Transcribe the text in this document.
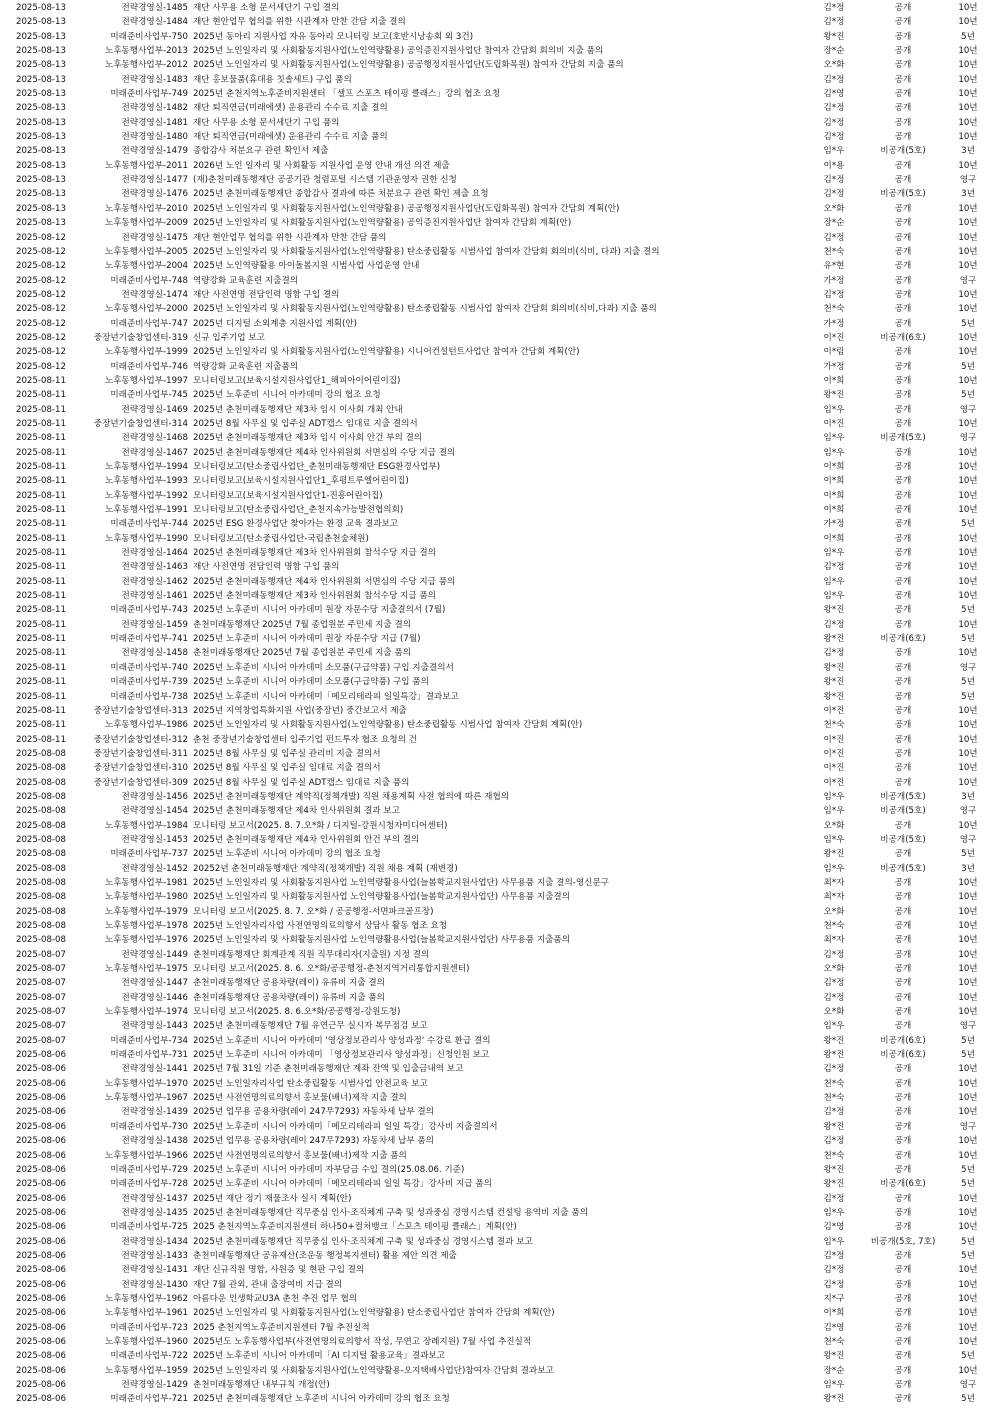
2025-08-13	전략경영실-1485 재단 사무용 소형 문서세단기 구입 결의	김*정	공개	10년
2025-08-13	전략경영실-1484 재단 현안업무 협의를 위한 시관계자 만찬 간담 지출 결의	김*정	공개	10년
2025-08-13	미래준비사업부-750 2025년 동아리 지원사업 자유 동아리 모니터링 보고(호반시낭송회 외 3건)	왕*진	공개	5년
2025-08-13	노후동행사업부-2013 2025년 노인일자리 및 사회활동지원사업(노인역량활용) 공익증진지원사업단 참여자 간담회 회의비 지출 품의	장*순	공개	10년
2025-08-13	노후동행사업부-2012 2025년 노인일자리 및 사회활동지원사업(노인역량활용) 공공행정지원사업단(도립화목원) 참여자 간담회 지출 품의	오*화	공개	10년
2025-08-13	전략경영실-1483 재단 홍보물품(휴대용 칫솔세트) 구입 품의	김*정	공개	10년
2025-08-13	미래준비사업부-749 2025년 춘천지역노후준비지원센터 「셀프 스포츠 테이핑 클래스」강의 협조 요청	김*영	공개	10년
2025-08-13	전략경영실-1482 재단 퇴직연금(미래에셋) 운용관리 수수료 지출 결의	김*정	공개	10년
2025-08-13	전략경영실-1481 재단 사무용 소형 문서세단기 구입 품의	김*정	공개	10년
2025-08-13	전략경영실-1480 재단 퇴직연금(미래에셋) 운용관리 수수료 지출 품의	김*정	공개	10년
2025-08-13	전략경영실-1479 종합감사 처분요구 관련 확인서 제출	임*우	비공개(5호)	3년
2025-08-13	노후동행사업부-2011 2026년 노인 일자리 및 사회활동 지원사업 운영 안내 개선 의견 제출	이*용	공개	10년
2025-08-13	전략경영실-1477 (재)춘천미래동행재단 공공기관 청렴포털 시스템 기관운영자 권한 신청	김*정	공개	영구
2025-08-13	전략경영실-1476 2025년 춘천미래동행재단 종합감사 결과에 따른 처분요구 관련 확인 제출 요청	김*정	비공개(5호)	3년
2025-08-13	노후동행사업부-2010 2025년 노인일자리 및 사회활동지원사업(노인역량활용) 공공행정지원사업단(도립화목원) 참여자 간담회 계획(안)	오*화	공개	10년
2025-08-13	노후동행사업부-2009 2025년 노인일자리 및 사회활동지원사업(노인역량활용) 공익증진지원사업단 참여자 간담회 계획(안)	장*순	공개	10년
2025-08-12	전략경영실-1475 재단 현안업무 협의를 위한 시관계자 만찬 간담 품의	김*정	공개	10년
2025-08-12	노후동행사업부-2005 2025년 노인일자리 및 사회활동지원사업(노인역량활용) 탄소중립활동 시범사업 참여자 간담회 회의비(식비, 다과) 지출 결의	천*숙	공개	10년
2025-08-12	노후동행사업부-2004 2025년 노인역량활용 아이돌봄지원 시범사업 사업운영 안내	유*현	공개	10년
2025-08-12	미래준비사업부-748 역량강화 교육훈련 지출결의	가*정	공개	영구
2025-08-12	전략경영실-1474 재단 사전연명 전담인력 명함 구입 결의	김*정	공개	10년
2025-08-12	노후동행사업부-2000 2025년 노인일자리 및 사회활동지원사업(노인역량활용) 탄소중립활동 시범사업 참여자 간담회 회의비(식비,다과) 지출 품의	천*숙	공개	10년
2025-08-12	미래준비사업부-747 2025년 디지털 소외계층 지원사업 계획(안)	가*정	공개	5년
2025-08-12	중장년기술창업센터-319 신규 입주기업 보고	이*진	비공개(6호)	10년
2025-08-12	노후동행사업부-1999 2025년 노인일자리 및 사회활동지원사업(노인역량활용) 시니어컨설턴트사업단 참여자 간담회 계획(안)	이*림	공개	10년
2025-08-12	미래준비사업부-746 역량강화 교육훈련 지출품의	가*정	공개	5년
2025-08-11	노후동행사업부-1997 모니터링보고(보육시설지원사업단1_해피아이어린이집)	이*희	공개	10년
2025-08-11	미래준비사업부-745 2025년 노후준비 시니어 아카데미 강의 협조 요청	왕*진	공개	5년
2025-08-11	전략경영실-1469 2025년 춘천미래동행재단 제3차 임시 이사회 개최 안내	임*우	공개	영구
2025-08-11	중장년기술창업센터-314 2025년 8월 사무실 및 입주실 ADT캡스 임대료 지출 결의서	이*진	공개	10년
2025-08-11	전략경영실-1468 2025년 춘천미래동행재단 제3차 임시 이사회 안건 부의 결의	임*우	비공개(5호)	영구
2025-08-11	전략경영실-1467 2025년 춘천미래동행재단 제4차 인사위원회 서면심의 수당 지급 결의	임*우	공개	10년
2025-08-11	노후동행사업부-1994 모니터링보고(탄소중립사업단_춘천미래동행재단 ESG환경사업부)	이*희	공개	10년
2025-08-11	노후동행사업부-1993 모니터링보고(보육시설지원사업단1_후평트루엘어린이집)	이*희	공개	10년
2025-08-11	노후동행사업부-1992 모니터링보고(보육시설지원사업단1-진흥어린이집)	이*희	공개	10년
2025-08-11	노후동행사업부-1991 모니터링보고(탄소중립사업단_춘천지속가능발전협의회)	이*희	공개	10년
2025-08-11	미래준비사업부-744 2025년 ESG 환경사업단 찾아가는 환경 교육 결과보고	가*정	공개	5년
2025-08-11	노후동행사업부-1990 모니터링보고(탄소중립사업단-국립춘천숲체원)	이*희	공개	10년
2025-08-11	전략경영실-1464 2025년 춘천미래동행재단 제3차 인사위원회 참석수당 지급 결의	임*우	공개	10년
2025-08-11	전략경영실-1463 재단 사전연명 전담인력 명함 구입 품의	김*정	공개	10년
2025-08-11	전략경영실-1462 2025년 춘천미래동행재단 제4차 인사위원회 서면심의 수당 지급 품의	임*우	공개	10년
2025-08-11	전략경영실-1461 2025년 춘천미래동행재단 제3차 인사위원회 참석수당 지급 품의	임*우	공개	10년
2025-08-11	미래준비사업부-743 2025년 노후준비 시니어 아카데미 원장 자문수당 지출결의서 (7월)	왕*진	공개	5년
2025-08-11	전략경영실-1459 춘천미래동행재단 2025년 7월 종업원분 주민세 지출 결의	김*정	공개	10년
2025-08-11	미래준비사업부-741 2025년 노후준비 시니어 아카데미 원장 자문수당 지급 (7월)	왕*진	비공개(6호)	5년
2025-08-11	전략경영실-1458 춘천미래동행재단 2025년 7월 종업원분 주민세 지출 품의	김*정	공개	10년
2025-08-11	미래준비사업부-740 2025년 노후준비 시니어 아카데미 소모품(구급약품) 구입 지출결의서	왕*진	공개	영구
2025-08-11	미래준비사업부-739 2025년 노후준비 시니어 아카데미 소모품(구급약품) 구입 품의	왕*진	공개	5년
2025-08-11	미래준비사업부-738 2025년 노후준비 시니어 아카데미「메모리테라피 일일특강」결과보고	왕*진	공개	5년
2025-08-11	중장년기술창업센터-313 2025년 지역창업특화지원 사업(중장년) 중간보고서 제출	이*진	공개	10년
2025-08-11	노후동행사업부-1986 2025년 노인일자리 및 사회활동지원사업(노인역량활용) 탄소중립활동 시범사업 참여자 간담회 계획(안)	천*숙	공개	10년
2025-08-11	중장년기술창업센터-312 춘천 중장년기술창업센터 입주기업 펀드투자 협조 요청의 건	이*진	공개	10년
2025-08-08	중장년기술창업센터-311 2025년 8월 사무실 및 입주실 관리비 지출 결의서	이*진	공개	10년
2025-08-08	중장년기술창업센터-310 2025년 8월 사무실 및 입주실 임대료 지출 결의서	이*진	공개	10년
2025-08-08	중장년기술창업센터-309 2025년 8월 사무실 및 입주실 ADT캡스 임대료 지출 품의	이*진	공개	10년
2025-08-08	전략경영실-1456 2025년 춘천미래동행재단 계약직(정책개발) 직원 채용계획 사전 협의에 따른 재협의	임*우	비공개(5호)	3년
2025-08-08	전략경영실-1454 2025년 춘천미래동행재단 제4차 인사위원회 결과 보고	임*우	비공개(5호)	영구
2025-08-08	노후동행사업부-1984 모니터링 보고서(2025. 8. 7.오*화 / 디지털-강원시청자미디어센터)	오*화	공개	10년
2025-08-08	전략경영실-1453 2025년 춘천미래동행재단 제4차 인사위원회 안건 부의 결의	임*우	비공개(5호)	영구
2025-08-08	미래준비사업부-737 2025년 노후준비 시니어 아카데미 강의 협조 요청	왕*진	공개	5년
2025-08-08	전략경영실-1452 20252년 춘천미래동행재단 계약직(정책개발) 직원 채용 계획 (재변경)	임*우	비공개(5호)	3년
2025-08-08	노후동행사업부-1981 2025년 노인일자리 및 사회활동지원사업 노인역량활용사업(늘봄학교지원사업단) 사무용품 지출 결의-영신문구	최*자	공개	10년
2025-08-08	노후동행사업부-1980 2025년 노인일자리 및 사회활동지원사업 노인역량활용사업(늘봄학교지원사업단) 사무용품 지출결의	최*자	공개	10년
2025-08-08	노후동행사업부-1979 모니터링 보고서(2025. 8. 7. 오*화 / 공공행정-서면파크골프장)	오*화	공개	10년
2025-08-08	노후동행사업부-1978 2025년 노인일자리사업 사전연명의료의향서 상담사 활동 협조 요청	천*숙	공개	10년
2025-08-08	노후동행사업부-1976 2025년 노인일자리 및 사회활동지원사업 노인역량활용사업(늘봄학교지원사업단) 사무용품 지출품의	최*자	공개	10년
2025-08-07	전략경영실-1449 춘천미래동행재단 회계관계 직원 직무대리자(지출원) 지정 결의	김*정	공개	10년
2025-08-07	노후동행사업부-1975 모니터링 보고서(2025. 8. 6. 오*화/공공행정-춘천지역거리통합지원센터)	오*화	공개	10년
2025-08-07	전략경영실-1447 춘천미래동행재단 공용차량(레이) 유류비 지출 결의	김*정	공개	10년
2025-08-07	전략경영실-1446 춘천미래동행재단 공용차량(레이) 유류비 지출 품의	김*정	공개	10년
2025-08-07	노후동행사업부-1974 모니터링 보고서(2025. 8. 6.오*화/공공행정-강원도청)	오*화	공개	10년
2025-08-07	전략경영실-1443 2025년 춘천미래동행재단 7월 유연근무 실시자 복무점검 보고	임*우	공개	영구
2025-08-07	미래준비사업부-734 2025년 노후준비 시니어 아카데미 '영상정보관리사 양성과정' 수강료 환급 결의	왕*진	비공개(6호)	5년
2025-08-06	미래준비사업부-731 2025년 노후준비 시니어 아카데미 「영상정보관리사 양성과정」신청인원 보고	왕*진	비공개(6호)	5년
2025-08-06	전략경영실-1441 2025년 7월 31일 기준 춘천미래동행재단 계좌 잔액 및 입출금내역 보고	김*정	공개	10년
2025-08-06	노후동행사업부-1970 2025년 노인일자리사업 탄소중립활동 시범사업 안전교육 보고	천*숙	공개	10년
2025-08-06	노후동행사업부-1967 2025년 사전연명의료의향서 홍보물(배너)제작 지출 결의	천*숙	공개	10년
2025-08-06	전략경영실-1439 2025년 업무용 공용차량(레이 247무7293) 자동차세 납부 결의	김*정	공개	10년
2025-08-06	미래준비사업부-730 2025년 노후준비 시니어 아카데미「메모리테라피 일일 특강」강사비 지출결의서	왕*진	공개	영구
2025-08-06	전략경영실-1438 2025년 업무용 공용차량(레이 247무7293) 자동차세 납부 품의	김*정	공개	10년
2025-08-06	노후동행사업부-1966 2025년 사전연명의료의향서 홍보물(배너)제작 지출 품의	천*숙	공개	10년
2025-08-06	미래준비사업부-729 2025년 노후준비 시니어 아카데미 자부담금 수입 결의(25.08.06. 기준)	왕*진	공개	5년
2025-08-06	미래준비사업부-728 2025년 노후준비 시니어 아카데미「메모리테라피 일일 특강」강사비 지급 품의	왕*진	비공개(6호)	5년
2025-08-06	전략경영실-1437 2025년 재단 정기 재물조사 실시 계획(안)	김*정	공개	10년
2025-08-06	전략경영실-1435 2025년 춘천미래동행재단 직무중심 인사·조직체계 구축 및 성과중심 경영시스템 컨설팅 용역비 지출 품의	임*우	공개	10년
2025-08-06	미래준비사업부-725 2025 춘천지역노후준비지원센터 하나50+컬처뱅크「스포츠 테이핑 클래스」계획(안)	김*영	공개	10년
2025-08-06	전략경영실-1434 2025년 춘천미래동행재단 직무중심 인사·조직체계 구축 및 성과중심 경영시스템 결과 보고	임*우	비공개(5호, 7호)	5년
2025-08-06	전략경영실-1433 춘천미래동행재단 공유재산(조운동 행정복지센터) 활용 제안 의견 제출	김*정	공개	5년
2025-08-06	전략경영실-1431 재단 신규직원 명함, 사원증 및 현판 구입 결의	김*정	공개	10년
2025-08-06	전략경영실-1430 재단 7월 관외, 관내 출장여비 지급 결의	김*정	공개	10년
2025-08-06	노후동행사업부-1962 아름다운 인생학교U3A 춘천 추진 업무 협의	지*구	공개	10년
2025-08-06	노후동행사업부-1961 2025년 노인일자리 및 사회활동지원사업(노인역량활용) 탄소중립사업단 참여자 간담회 계획(안)	이*희	공개	10년
2025-08-06	미래준비사업부-723 2025 춘천지역노후준비지원센터 7월 추진실적	김*영	공개	10년
2025-08-06	노후동행사업부-1960 2025년도 노후동행사업부(사전연명의료의향서 작성, 무연고 장례지원) 7월 사업 추진실적	천*숙	공개	10년
2025-08-06	미래준비사업부-722 2025년 노후준비 시니어 아카데미「AI 디지털 활용교육」결과보고	왕*진	공개	5년
2025-08-06	노후동행사업부-1959 2025년 노인일자리 및 사회활동지원사업(노인역량활용-오지택배사업단)참여자 간담회 결과보고	장*순	공개	10년
2025-08-06	전략경영실-1429 춘천미래동행재단 내부규칙 개정(안)	임*우	공개	영구
2025-08-06	미래준비사업부-721 2025년 춘천미래동행재단 노후준비 시니어 아카데미 강의 협조 요청	왕*진	공개	5년
